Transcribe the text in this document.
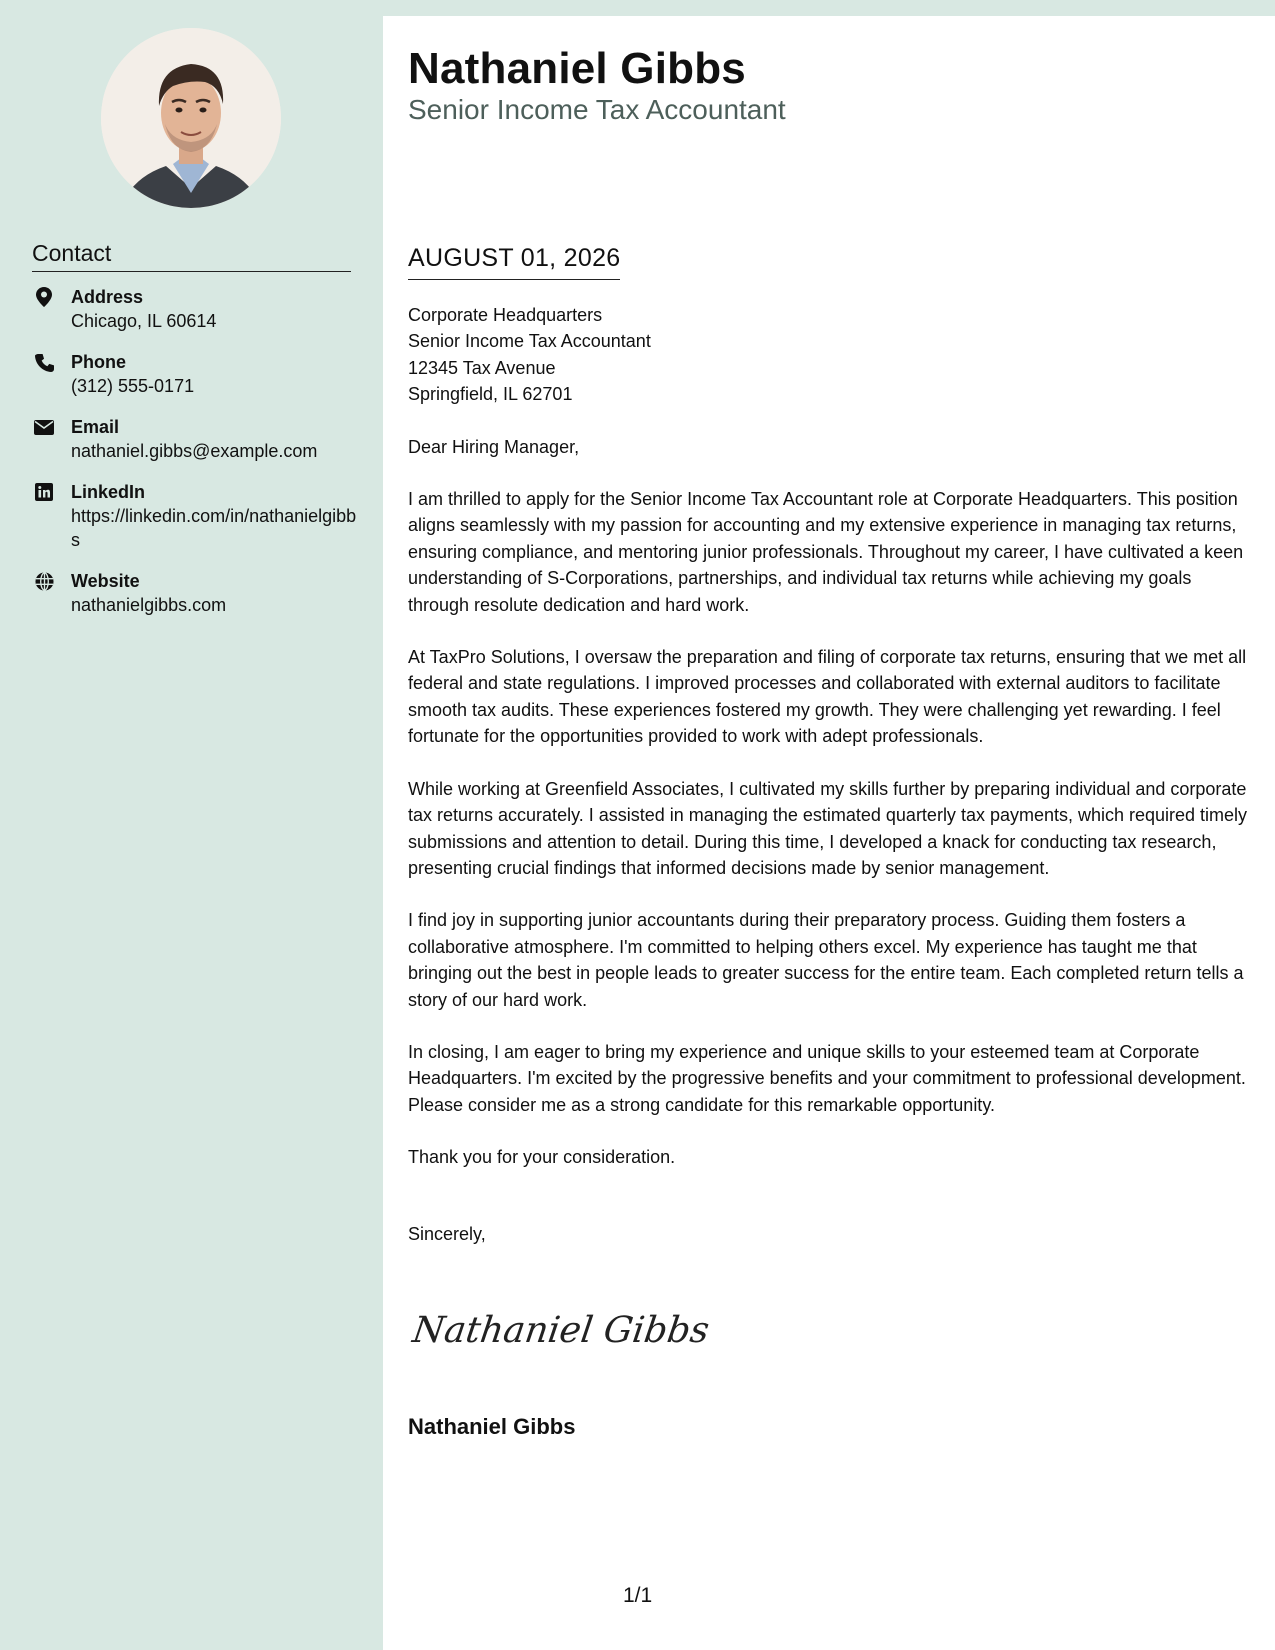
Contact
Address
Chicago, IL 60614
Phone
(312) 555-0171
Email
nathaniel.gibbs@example.com
LinkedIn
https://linkedin.com/in/nathanielgibbs
Website
nathanielgibbs.com
Nathaniel Gibbs
Senior Income Tax Accountant
AUGUST 01, 2026

Corporate Headquarters
Senior Income Tax Accountant
12345 Tax Avenue
Springfield, IL 62701

Dear Hiring Manager,

I am thrilled to apply for the Senior Income Tax Accountant role at Corporate Headquarters. This position aligns seamlessly with my passion for accounting and my extensive experience in managing tax returns, ensuring compliance, and mentoring junior professionals. Throughout my career, I have cultivated a keen understanding of S-Corporations, partnerships, and individual tax returns while achieving my goals through resolute dedication and hard work.

At TaxPro Solutions, I oversaw the preparation and filing of corporate tax returns, ensuring that we met all federal and state regulations. I improved processes and collaborated with external auditors to facilitate smooth tax audits. These experiences fostered my growth. They were challenging yet rewarding. I feel fortunate for the opportunities provided to work with adept professionals.

While working at Greenfield Associates, I cultivated my skills further by preparing individual and corporate tax returns accurately. I assisted in managing the estimated quarterly tax payments, which required timely submissions and attention to detail. During this time, I developed a knack for conducting tax research, presenting crucial findings that informed decisions made by senior management.

I find joy in supporting junior accountants during their preparatory process. Guiding them fosters a collaborative atmosphere. I'm committed to helping others excel. My experience has taught me that bringing out the best in people leads to greater success for the entire team. Each completed return tells a story of our hard work.

In closing, I am eager to bring my experience and unique skills to your esteemed team at Corporate Headquarters. I'm excited by the progressive benefits and your commitment to professional development. Please consider me as a strong candidate for this remarkable opportunity.

Thank you for your consideration.

Sincerely,

Nathaniel Gibbs
Nathaniel Gibbs
1/1
